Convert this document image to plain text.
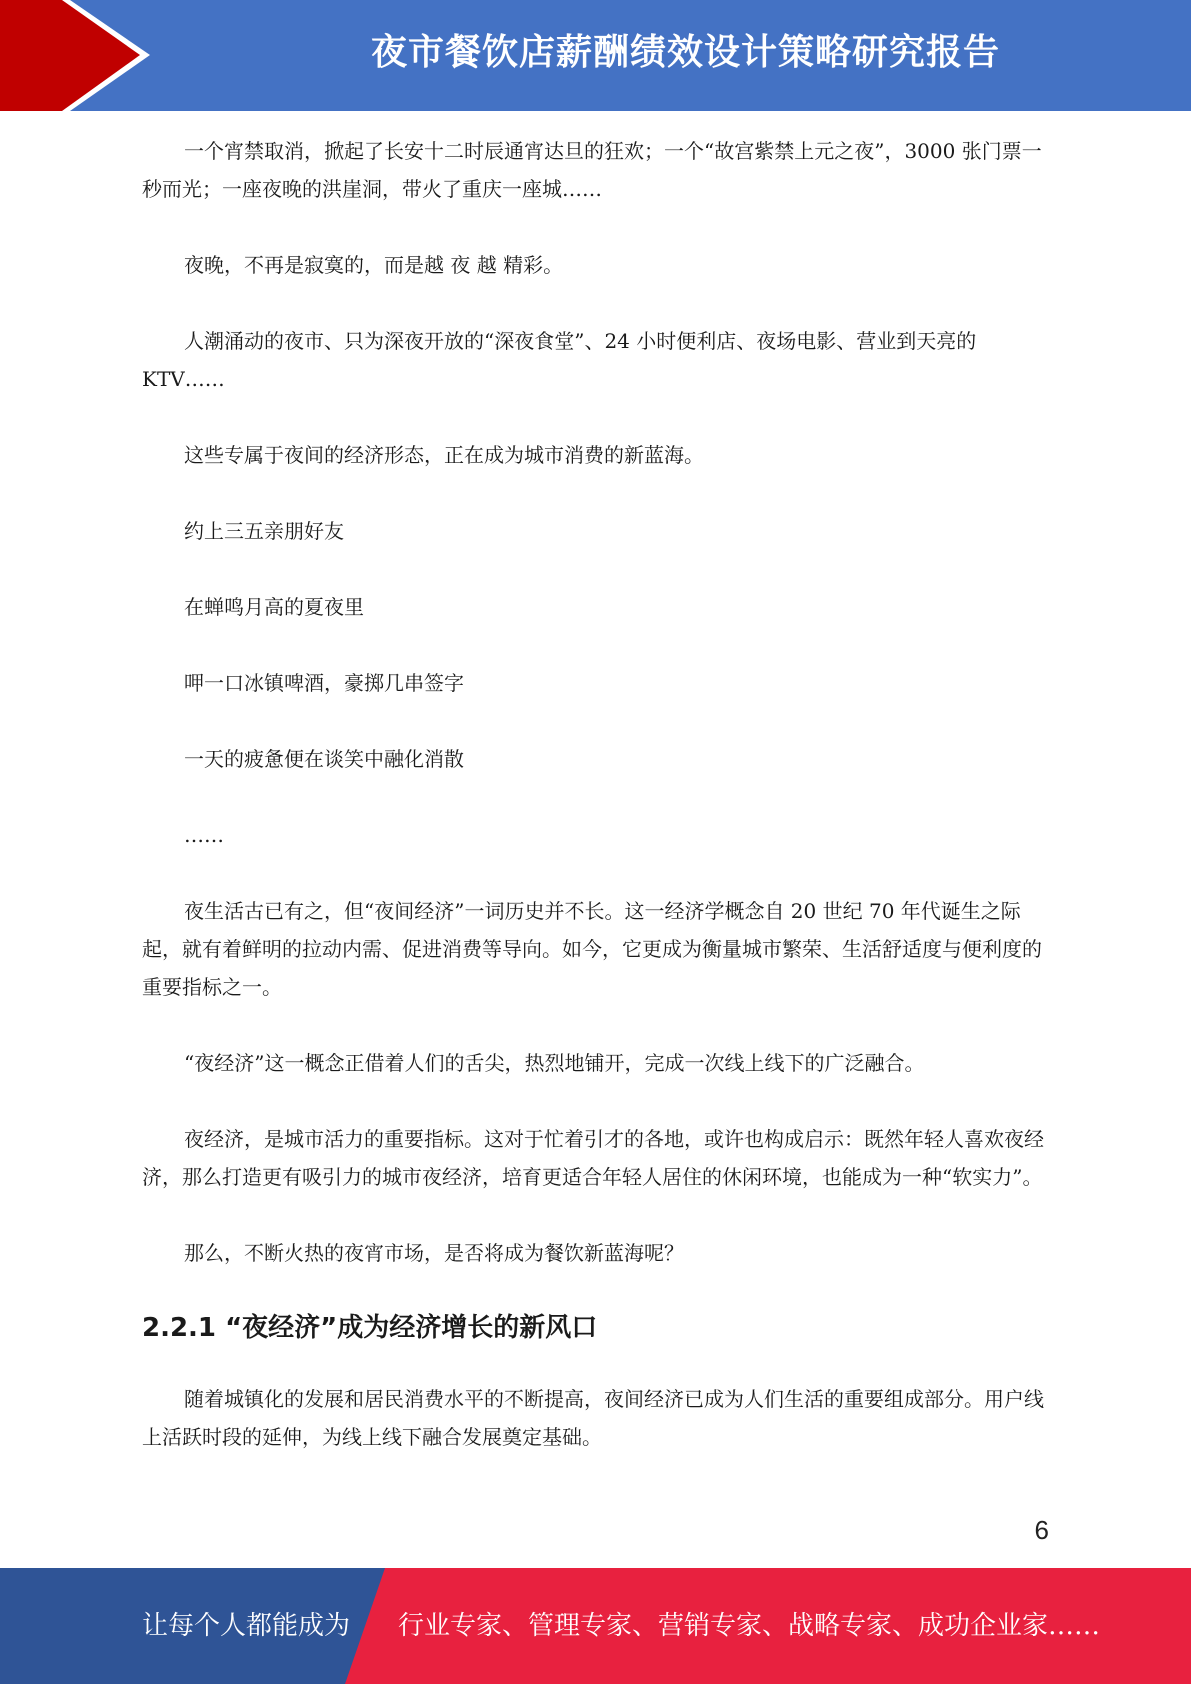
夜市餐饮店薪酬绩效设计策略研究报告

一个宵禁取消，掀起了长安十二时辰通宵达旦的狂欢；一个“故宫紫禁上元之夜”，3000 张门票一秒而光；一座夜晚的洪崖洞，带火了重庆一座城……

夜晚，不再是寂寞的，而是越 夜 越 精彩。

人潮涌动的夜市、只为深夜开放的“深夜食堂”、24 小时便利店、夜场电影、营业到天亮的KTV……

这些专属于夜间的经济形态，正在成为城市消费的新蓝海。

约上三五亲朋好友

在蝉鸣月高的夏夜里

呷一口冰镇啤酒，豪掷几串签字

一天的疲惫便在谈笑中融化消散

……

夜生活古已有之，但“夜间经济”一词历史并不长。这一经济学概念自 20 世纪 70 年代诞生之际起，就有着鲜明的拉动内需、促进消费等导向。如今，它更成为衡量城市繁荣、生活舒适度与便利度的重要指标之一。

“夜经济”这一概念正借着人们的舌尖，热烈地铺开，完成一次线上线下的广泛融合。

夜经济，是城市活力的重要指标。这对于忙着引才的各地，或许也构成启示：既然年轻人喜欢夜经济，那么打造更有吸引力的城市夜经济，培育更适合年轻人居住的休闲环境，也能成为一种“软实力”。

那么，不断火热的夜宵市场，是否将成为餐饮新蓝海呢？

2.2.1 “夜经济”成为经济增长的新风口

随着城镇化的发展和居民消费水平的不断提高，夜间经济已成为人们生活的重要组成部分。用户线上活跃时段的延伸，为线上线下融合发展奠定基础。

6
让每个人都能成为 行业专家、管理专家、营销专家、战略专家、成功企业家……
